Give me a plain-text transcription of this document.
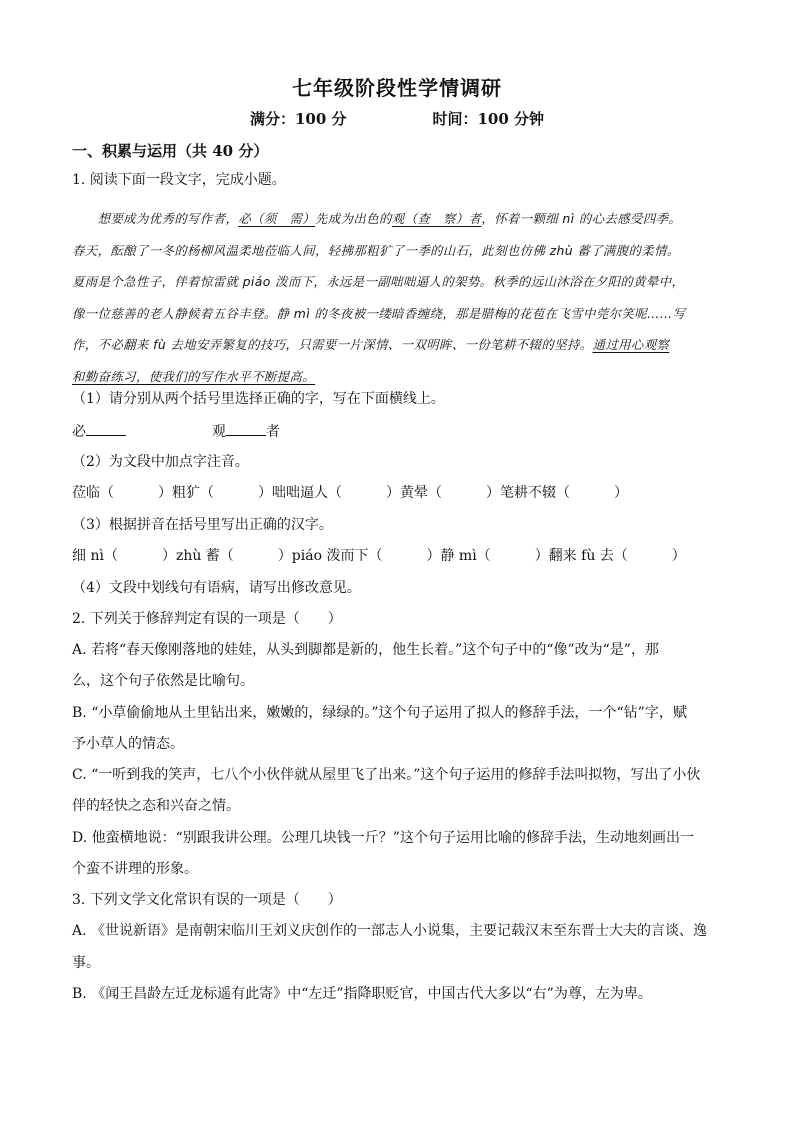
七年级阶段性学情调研
满分：100 分	时间：100 分钟
一、积累与运用（共 40 分）
1. 阅读下面一段文字，完成小题。

　　想要成为优秀的写作者，必（须　需）先成为出色的观（查　察）者，怀着一颗细 nì 的心去感受四季。

春天，酝酿了一冬的杨柳风温柔地莅临人间，轻拂那粗犷了一季的山石，此刻也仿佛 zhù 蓄了满腹的柔情。

夏雨是个急性子，伴着惊雷就 piáo 泼而下，永远是一副咄咄逼人的架势。秋季的远山沐浴在夕阳的黄晕中，

像一位慈善的老人静候着五谷丰登。静 mì 的冬夜被一缕暗香缠绕，那是腊梅的花苞在飞雪中莞尔笑呢……写

作，不必翻来 fù 去地安弄繁复的技巧，只需要一片深情、一双明眸、一份笔耕不辍的坚持。通过用心观察

和勤奋练习，使我们的写作水平不断提高。

（1）请分别从两个括号里选择正确的字，写在下面横线上。
必	观	者
（2）为文段中加点字注音。
莅临（	）粗犷（	）咄咄逼人（	）黄晕（	）笔耕不辍（	）
（3）根据拼音在括号里写出正确的汉字。
细 nì（	）zhù 蓄（	）piáo 泼而下（	）静 mì（	）翻来 fù 去（	）
（4）文段中划线句有语病，请写出修改意见。
2. 下列关于修辞判定有误的一项是（　　）
A. 若将“春天像刚落地的娃娃，从头到脚都是新的，他生长着。”这个句子中的“像”改为“是”，那
么，这个句子依然是比喻句。
B. “小草偷偷地从土里钻出来，嫩嫩的，绿绿的。”这个句子运用了拟人的修辞手法，一个“钻”字，赋
予小草人的情态。
C. “一听到我的笑声，七八个小伙伴就从屋里飞了出来。”这个句子运用的修辞手法叫拟物，写出了小伙
伴的轻快之态和兴奋之情。
D. 他蛮横地说：“别跟我讲公理。公理几块钱一斤？”这个句子运用比喻的修辞手法，生动地刻画出一
个蛮不讲理的形象。
3. 下列文学文化常识有误的一项是（　　）
A. 《世说新语》是南朝宋临川王刘义庆创作的一部志人小说集，主要记载汉末至东晋士大夫的言谈、逸
事。
B. 《闻王昌龄左迁龙标遥有此寄》中“左迁”指降职贬官，中国古代大多以“右”为尊，左为卑。
